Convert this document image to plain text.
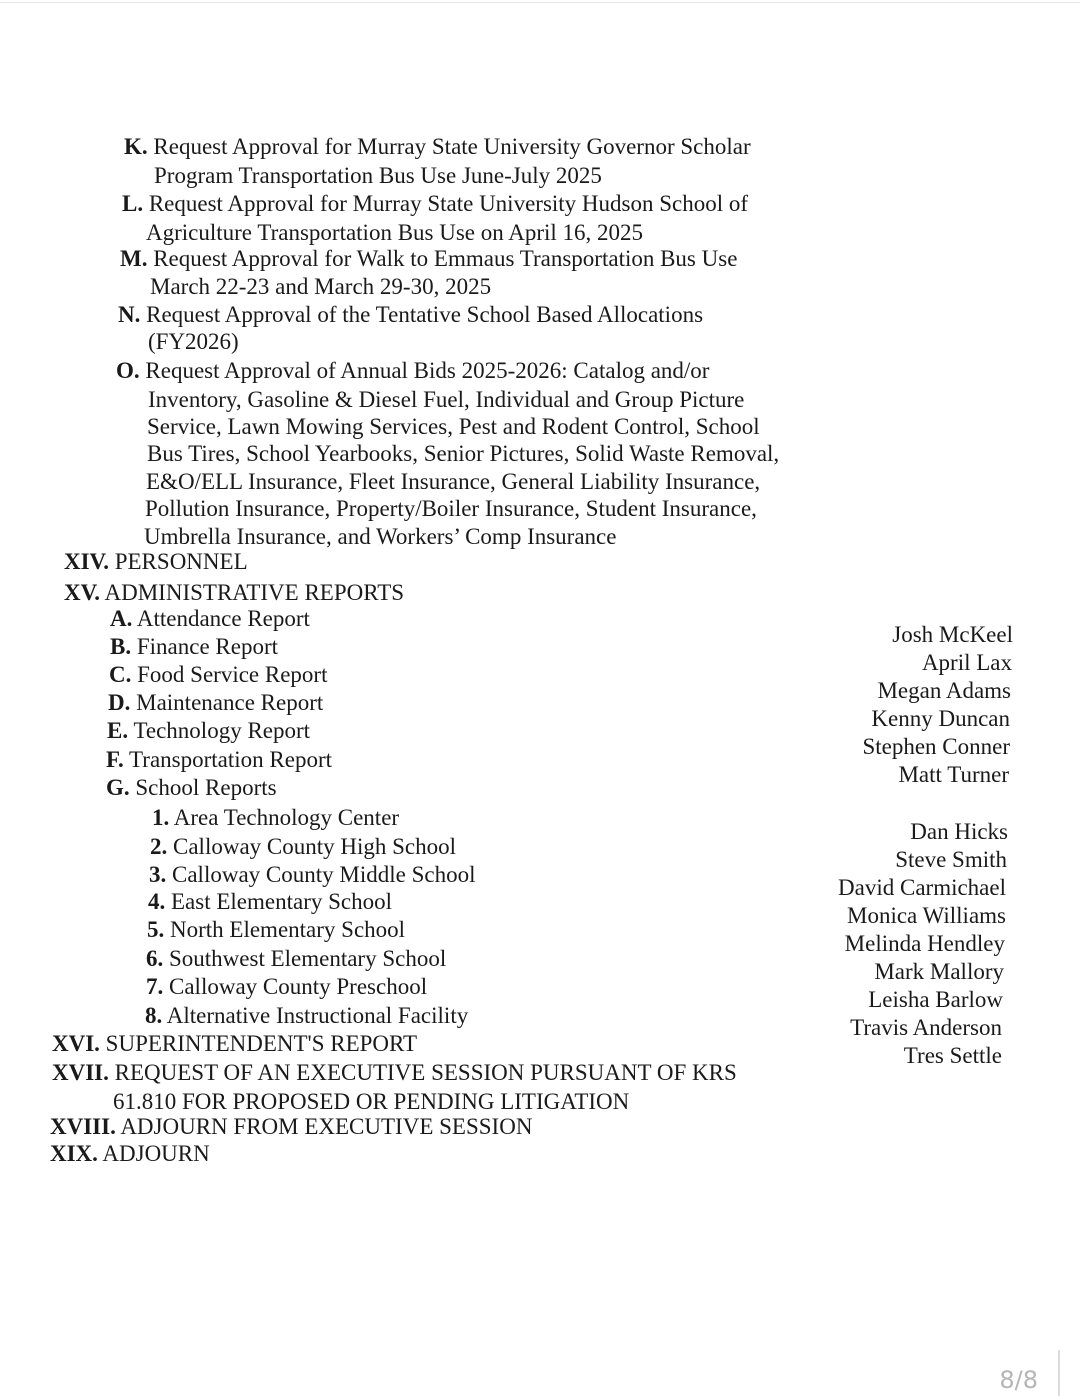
K. Request Approval for Murray State University Governor Scholar
Program Transportation Bus Use June-July 2025
L. Request Approval for Murray State University Hudson School of
Agriculture Transportation Bus Use on April 16, 2025
M. Request Approval for Walk to Emmaus Transportation Bus Use
March 22-23 and March 29-30, 2025
N. Request Approval of the Tentative School Based Allocations
(FY2026)
O. Request Approval of Annual Bids 2025-2026: Catalog and/or
Inventory, Gasoline & Diesel Fuel, Individual and Group Picture
Service, Lawn Mowing Services, Pest and Rodent Control, School
Bus Tires, School Yearbooks, Senior Pictures, Solid Waste Removal,
E&O/ELL Insurance, Fleet Insurance, General Liability Insurance,
Pollution Insurance, Property/Boiler Insurance, Student Insurance,
Umbrella Insurance, and Workers’ Comp Insurance
XIV. PERSONNEL
XV. ADMINISTRATIVE REPORTS
A. Attendance Report
B. Finance Report
C. Food Service Report
D. Maintenance Report
E. Technology Report
F. Transportation Report
G. School Reports
1. Area Technology Center
2. Calloway County High School
3. Calloway County Middle School
4. East Elementary School
5. North Elementary School
6. Southwest Elementary School
7. Calloway County Preschool
8. Alternative Instructional Facility
XVI. SUPERINTENDENT'S REPORT
XVII. REQUEST OF AN EXECUTIVE SESSION PURSUANT OF KRS
61.810 FOR PROPOSED OR PENDING LITIGATION
XVIII. ADJOURN FROM EXECUTIVE SESSION
XIX. ADJOURN
Josh McKeel
April Lax
Megan Adams
Kenny Duncan
Stephen Conner
Matt Turner
Dan Hicks
Steve Smith
David Carmichael
Monica Williams
Melinda Hendley
Mark Mallory
Leisha Barlow
Travis Anderson
Tres Settle
8/8
